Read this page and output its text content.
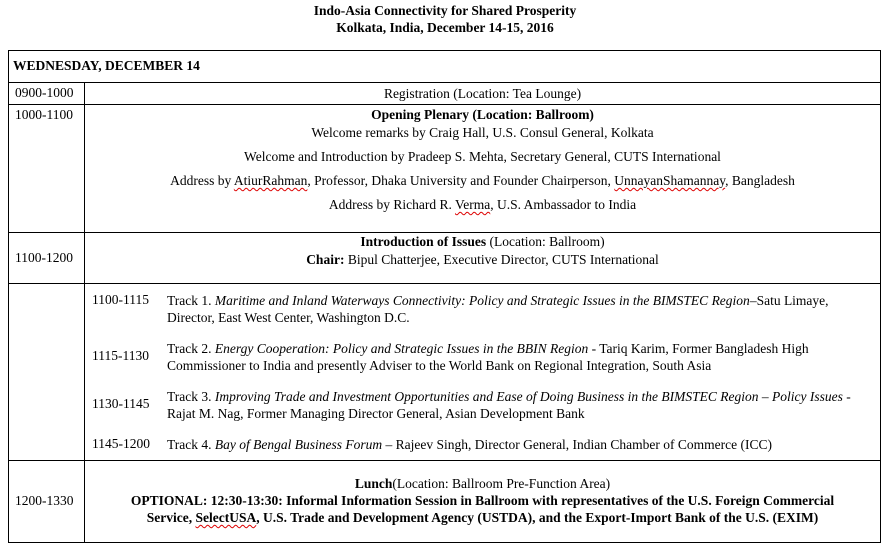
Indo-Asia Connectivity for Shared Prosperity
Kolkata, India, December 14-15, 2016
WEDNESDAY, DECEMBER 14
0900-1000	Registration (Location: Tea Lounge)
1000-1100	Opening Plenary (Location: Ballroom)
Welcome remarks by Craig Hall, U.S. Consul General, Kolkata
Welcome and Introduction by Pradeep S. Mehta, Secretary General, CUTS International
Address by AtiurRahman, Professor, Dhaka University and Founder Chairperson, UnnayanShamannay, Bangladesh
Address by Richard R. Verma, U.S. Ambassador to India
1100-1200
Introduction of Issues (Location: Ballroom)
Chair: Bipul Chatterjee, Executive Director, CUTS International
1100-1115 Track 1. Maritime and Inland Waterways Connectivity: Policy and Strategic Issues in the BIMSTEC Region–Satu Limaye, Director, East West Center, Washington D.C.
1115-1130 Track 2. Energy Cooperation: Policy and Strategic Issues in the BBIN Region - Tariq Karim, Former Bangladesh High Commissioner to India and presently Adviser to the World Bank on Regional Integration, South Asia
1130-1145 Track 3. Improving Trade and Investment Opportunities and Ease of Doing Business in the BIMSTEC Region – Policy Issues - Rajat M. Nag, Former Managing Director General, Asian Development Bank
1145-1200 Track 4. Bay of Bengal Business Forum – Rajeev Singh, Director General, Indian Chamber of Commerce (ICC)
1200-1330
Lunch(Location: Ballroom Pre-Function Area)
OPTIONAL: 12:30-13:30: Informal Information Session in Ballroom with representatives of the U.S. Foreign Commercial
Service, SelectUSA, U.S. Trade and Development Agency (USTDA), and the Export-Import Bank of the U.S. (EXIM)
